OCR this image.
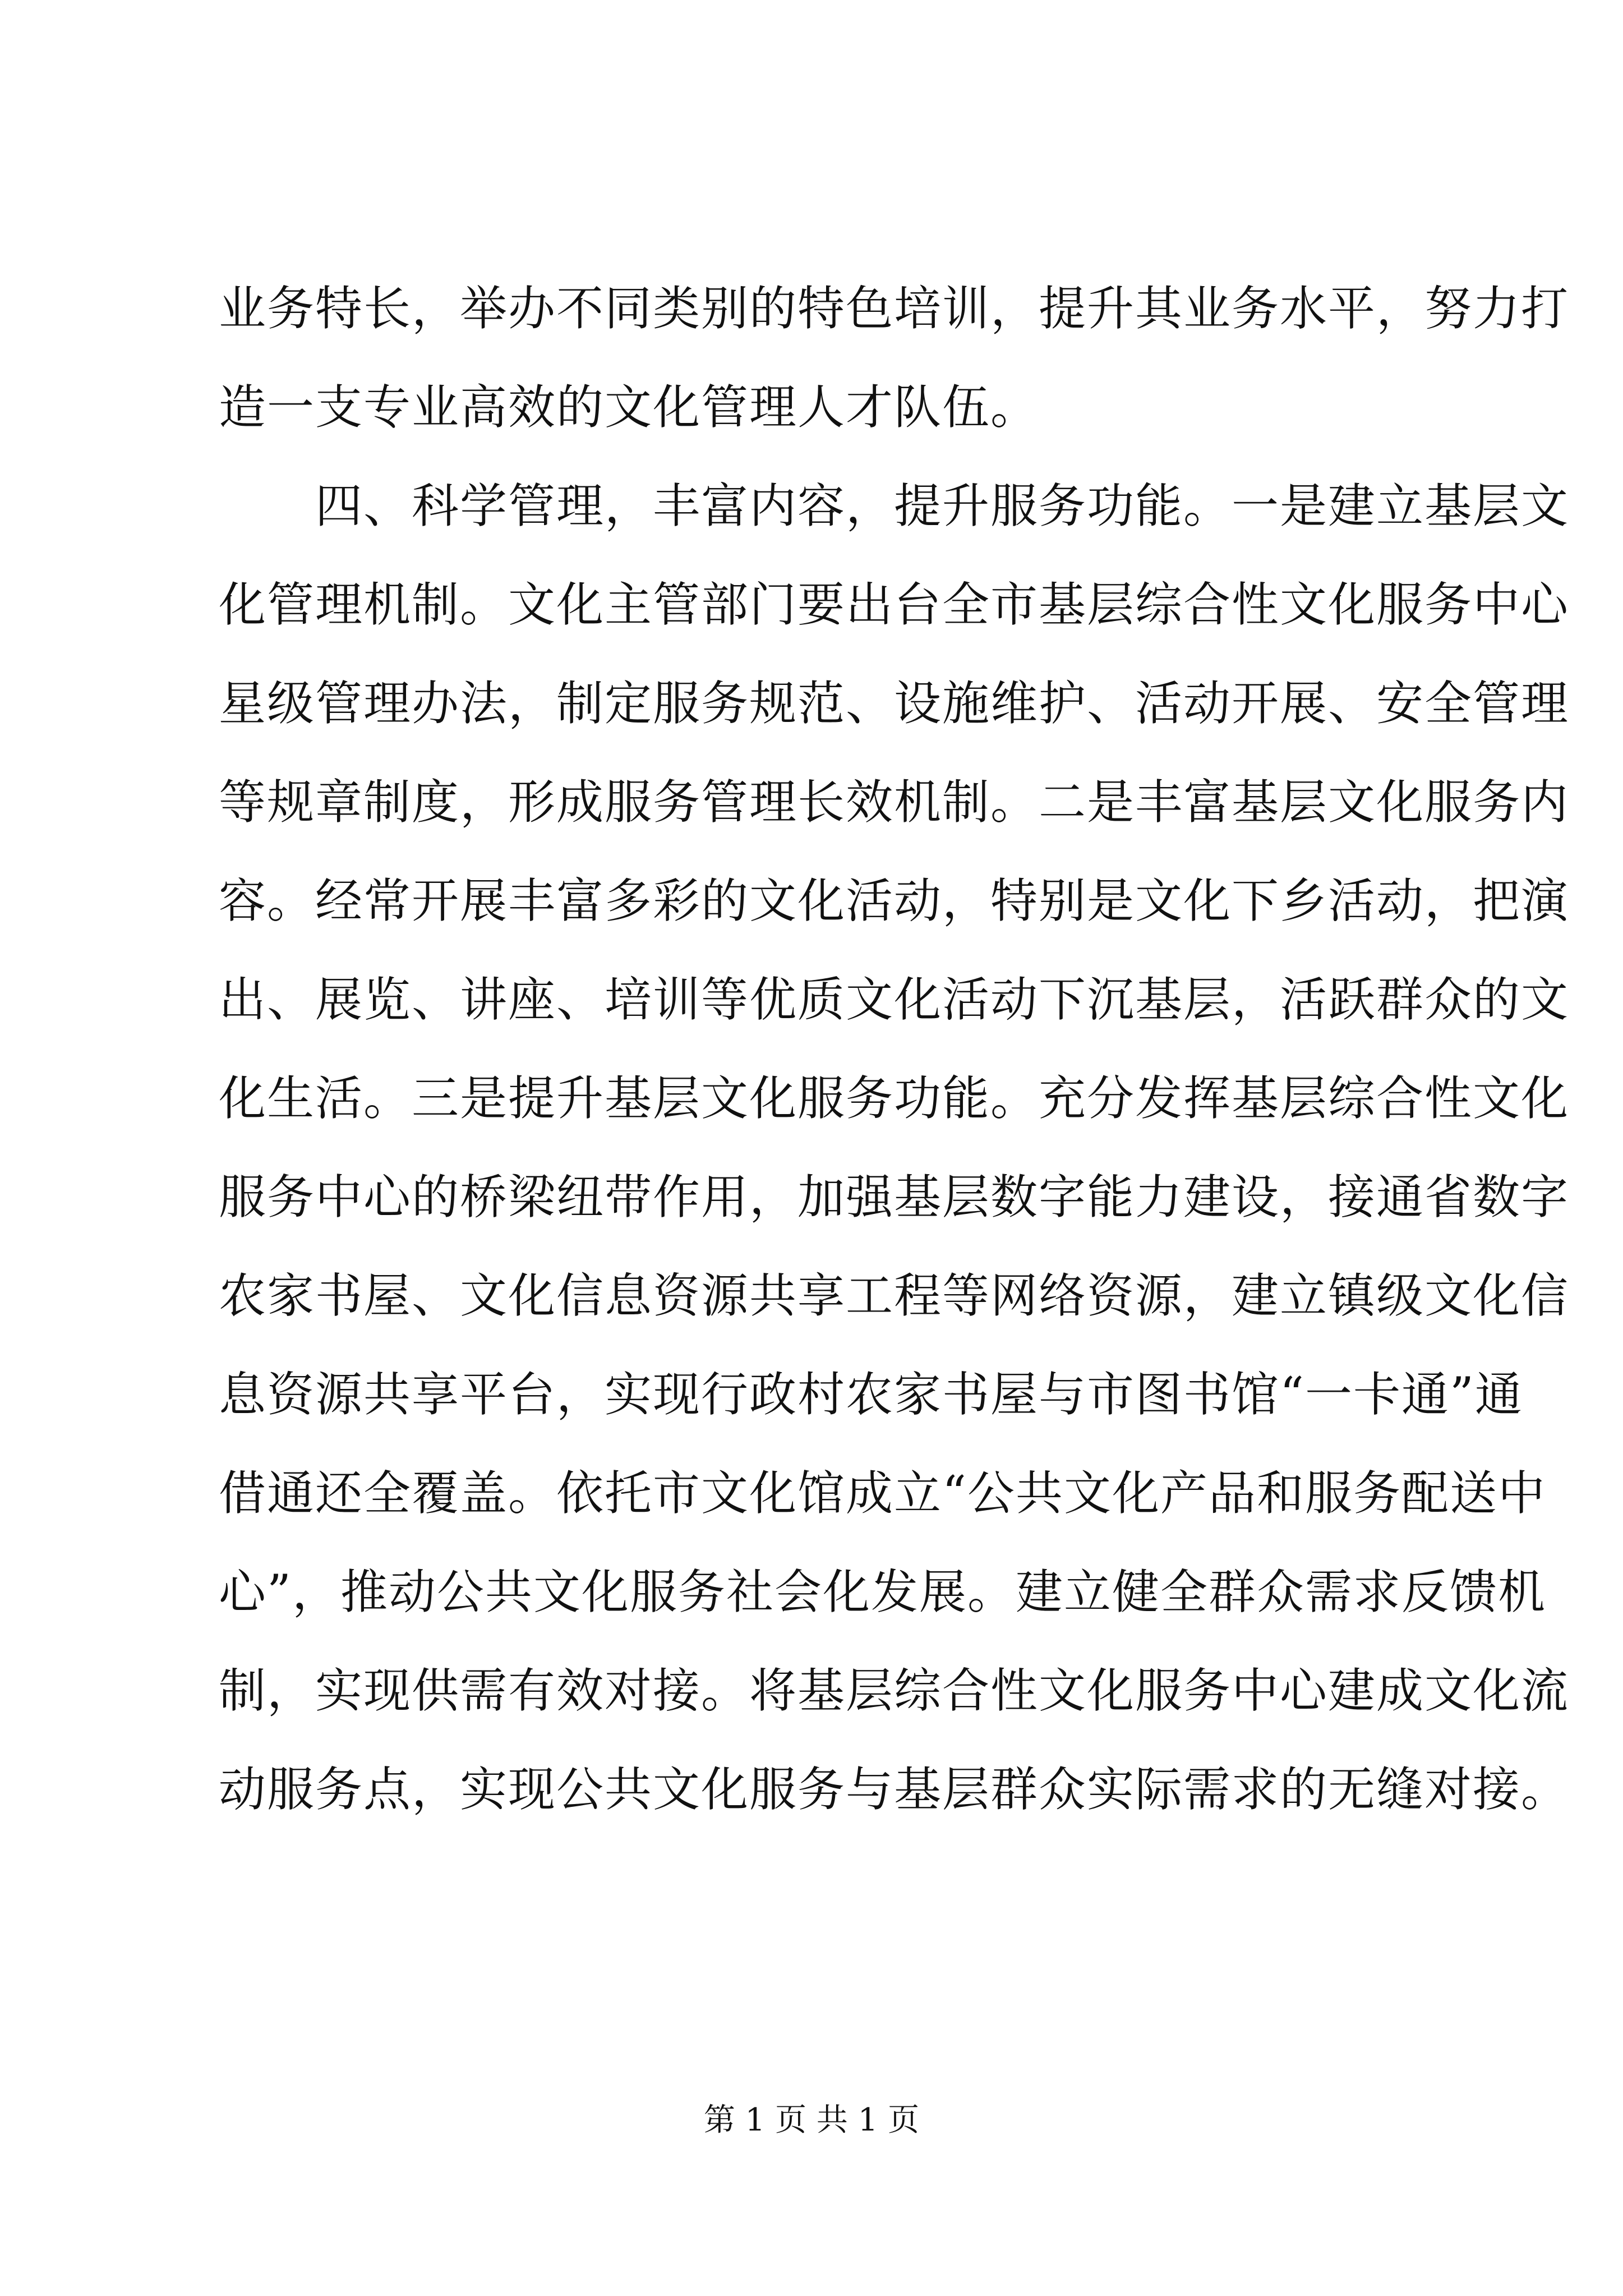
业务特长，举办不同类别的特色培训，提升其业务水平，努力打
造一支专业高效的文化管理人才队伍。
　　四、科学管理，丰富内容，提升服务功能。一是建立基层文
化管理机制。文化主管部门要出台全市基层综合性文化服务中心
星级管理办法，制定服务规范、设施维护、活动开展、安全管理
等规章制度，形成服务管理长效机制。二是丰富基层文化服务内
容。经常开展丰富多彩的文化活动，特别是文化下乡活动，把演
出、展览、讲座、培训等优质文化活动下沉基层，活跃群众的文
化生活。三是提升基层文化服务功能。充分发挥基层综合性文化
服务中心的桥梁纽带作用，加强基层数字能力建设，接通省数字
农家书屋、文化信息资源共享工程等网络资源，建立镇级文化信
息资源共享平台，实现行政村农家书屋与市图书馆“一卡通”通
借通还全覆盖。依托市文化馆成立“公共文化产品和服务配送中
心”，推动公共文化服务社会化发展。建立健全群众需求反馈机
制，实现供需有效对接。将基层综合性文化服务中心建成文化流
动服务点，实现公共文化服务与基层群众实际需求的无缝对接。
第 1 页 共 1 页
